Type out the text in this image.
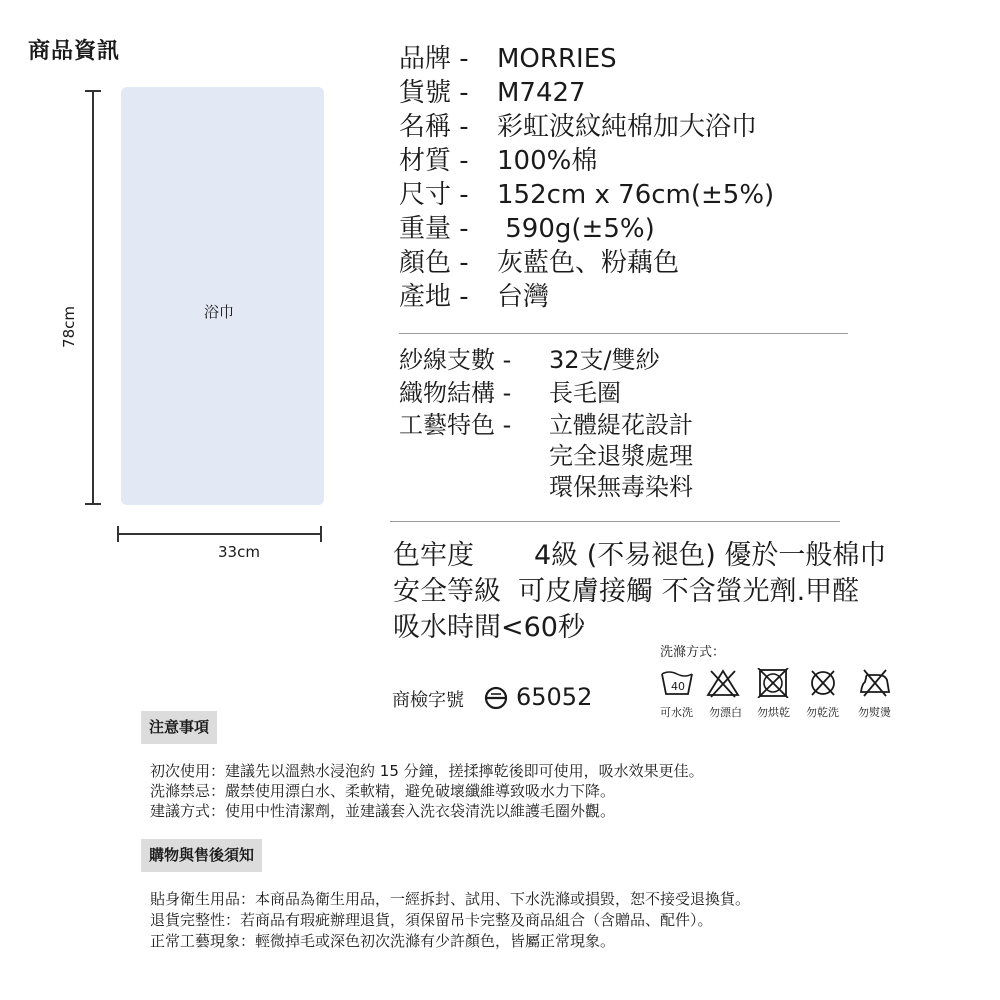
商品資訊
浴巾
78cm
33cm
品牌 - MORRIES
貨號 - M7427
名稱 - 彩虹波紋純棉加大浴巾
材質 - 100%棉
尺寸 - 152cm x 76cm(±5%)
重量 - 590g(±5%)
顏色 - 灰藍色、粉藕色
產地 - 台灣
紗線支數 - 32支/雙紗
織物結構 - 長毛圈
工藝特色 - 立體緹花設計
完全退漿處理
環保無毒染料
色牢度 4級 (不易褪色) 優於一般棉巾
安全等級 可皮膚接觸 不含螢光劑.甲醛
吸水時間<60秒
商檢字號 65052
洗滌方式：
40
可水洗 勿漂白 勿烘乾 勿乾洗 勿熨燙
注意事項
初次使用：建議先以溫熱水浸泡約 15 分鐘，搓揉擰乾後即可使用，吸水效果更佳。
洗滌禁忌：嚴禁使用漂白水、柔軟精，避免破壞纖維導致吸水力下降。
建議方式：使用中性清潔劑，並建議套入洗衣袋清洗以維護毛圈外觀。
購物與售後須知
貼身衛生用品：本商品為衛生用品，一經拆封、試用、下水洗滌或損毀，恕不接受退換貨。
退貨完整性：若商品有瑕疵辦理退貨，須保留吊卡完整及商品組合（含贈品、配件）。
正常工藝現象：輕微掉毛或深色初次洗滌有少許顏色，皆屬正常現象。
